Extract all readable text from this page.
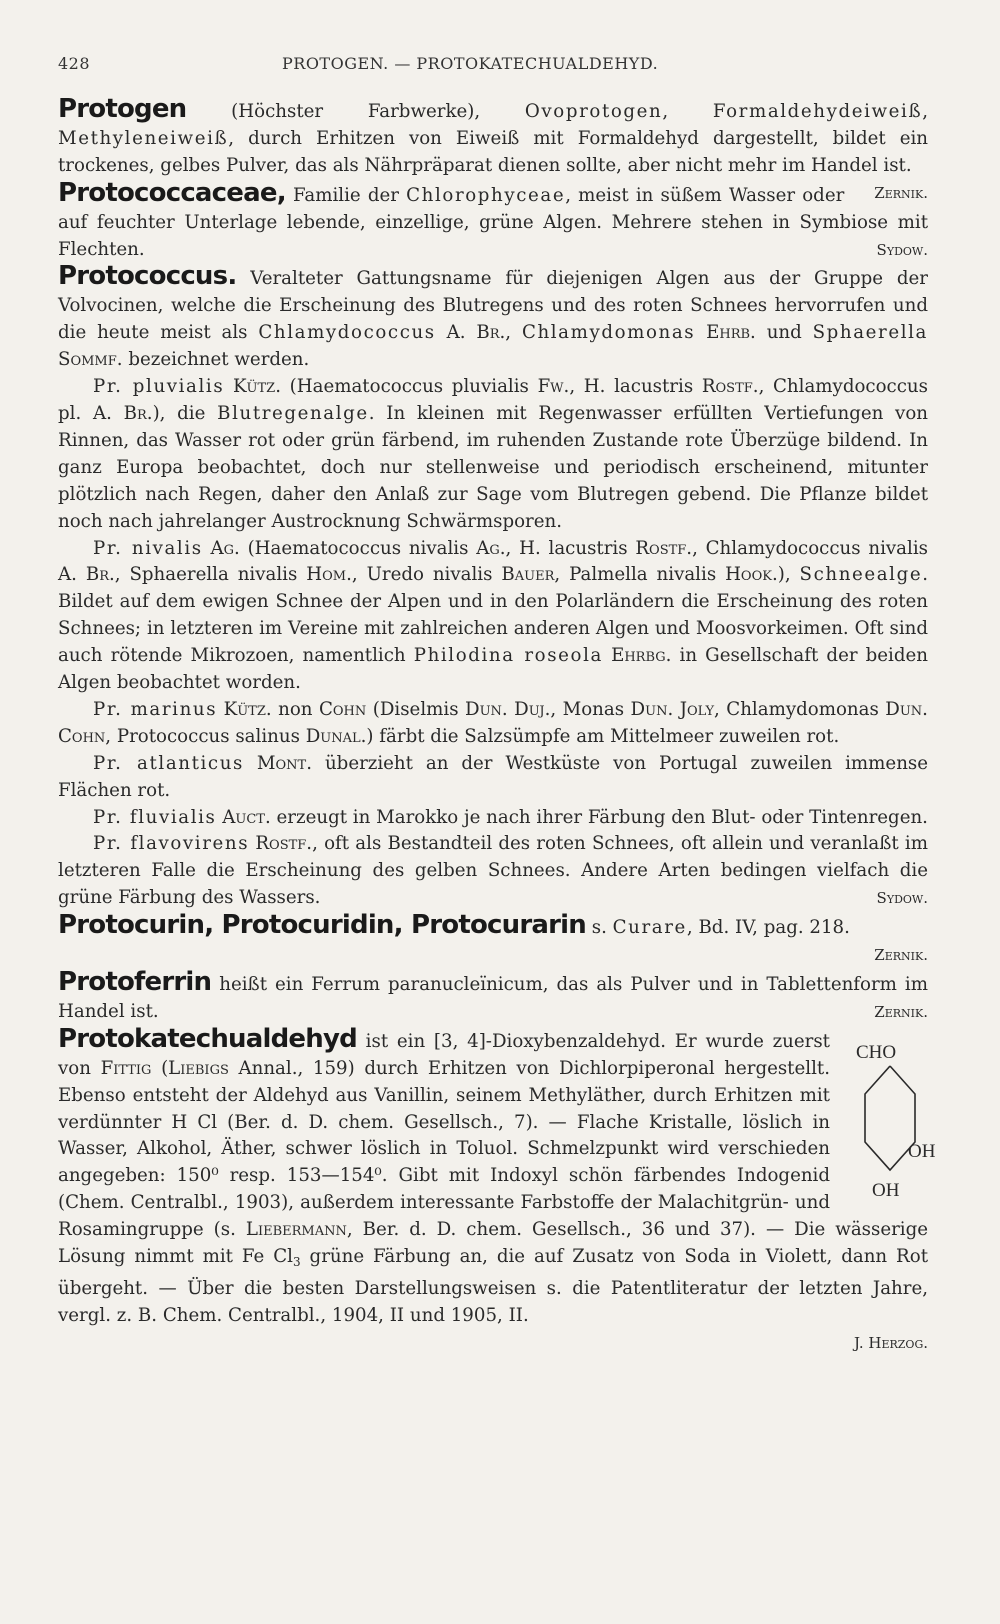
428	PROTOGEN. — PROTOKATECHUALDEHYD.

Protogen (Höchster Farbwerke), Ovoprotogen, Formaldehydeiweiß, Methyleneiweiß, durch Erhitzen von Eiweiß mit Formaldehyd dargestellt, bildet ein trockenes, gelbes Pulver, das als Nährpräparat dienen sollte, aber nicht mehr im Handel ist.
Zernik.

Protococcaceae, Familie der Chlorophyceae, meist in süßem Wasser oder auf feuchter Unterlage lebende, einzellige, grüne Algen. Mehrere stehen in Symbiose mit Flechten.	Sydow.

Protococcus. Veralteter Gattungsname für diejenigen Algen aus der Gruppe der Volvocinen, welche die Erscheinung des Blutregens und des roten Schnees hervorrufen und die heute meist als Chlamydococcus A. Br., Chlamydomonas Ehrb. und Sphaerella Sommf. bezeichnet werden.

Pr. pluvialis Kütz. (Haematococcus pluvialis Fw., H. lacustris Rostf., Chlamydococcus pl. A. Br.), die Blutregenalge. In kleinen mit Regenwasser erfüllten Vertiefungen von Rinnen, das Wasser rot oder grün färbend, im ruhenden Zustande rote Überzüge bildend. In ganz Europa beobachtet, doch nur stellenweise und periodisch erscheinend, mitunter plötzlich nach Regen, daher den Anlaß zur Sage vom Blutregen gebend. Die Pflanze bildet noch nach jahrelanger Austrocknung Schwärmsporen.

Pr. nivalis Ag. (Haematococcus nivalis Ag., H. lacustris Rostf., Chlamydococcus nivalis A. Br., Sphaerella nivalis Hom., Uredo nivalis Bauer, Palmella nivalis Hook.), Schneealge. Bildet auf dem ewigen Schnee der Alpen und in den Polarländern die Erscheinung des roten Schnees; in letzteren im Vereine mit zahlreichen anderen Algen und Moosvorkeimen. Oft sind auch rötende Mikrozoen, namentlich Philodina roseola Ehrbg. in Gesellschaft der beiden Algen beobachtet worden.

Pr. marinus Kütz. non Cohn (Diselmis Dun. Duj., Monas Dun. Joly, Chlamydomonas Dun. Cohn, Protococcus salinus Dunal.) färbt die Salzsümpfe am Mittelmeer zuweilen rot.

Pr. atlanticus Mont. überzieht an der Westküste von Portugal zuweilen immense Flächen rot.

Pr. fluvialis Auct. erzeugt in Marokko je nach ihrer Färbung den Blut- oder Tintenregen.

Pr. flavovirens Rostf., oft als Bestandteil des roten Schnees, oft allein und veranlaßt im letzteren Falle die Erscheinung des gelben Schnees. Andere Arten bedingen vielfach die grüne Färbung des Wassers.	Sydow.

Protocurin, Protocuridin, Protocurarin s. Curare, Bd. IV, pag. 218.

Zernik.

Protoferrin heißt ein Ferrum paranucleïnicum, das als Pulver und in Tablettenform im Handel ist.	Zernik.

CHO
OH
OH
Protokatechualdehyd ist ein [3, 4]-Dioxybenzaldehyd. Er wurde zuerst von Fittig (Liebigs Annal., 159) durch Erhitzen von Dichlorpiperonal hergestellt. Ebenso entsteht der Aldehyd aus Vanillin, seinem Methyläther, durch Erhitzen mit verdünnter H Cl (Ber. d. D. chem. Gesellsch., 7). — Flache Kristalle, löslich in Wasser, Alkohol, Äther, schwer löslich in Toluol. Schmelzpunkt wird verschieden angegeben: 150⁰ resp. 153—154⁰. Gibt mit Indoxyl schön färbendes Indogenid (Chem. Centralbl., 1903), außerdem interessante Farbstoffe der Malachitgrün- und Rosamingruppe (s. Liebermann, Ber. d. D. chem. Gesellsch., 36 und 37). — Die wässerige Lösung nimmt mit Fe $Cl_3$ grüne Färbung an, die auf Zusatz von Soda in Violett, dann Rot übergeht. — Über die besten Darstellungsweisen s. die Patentliteratur der letzten Jahre, vergl. z. B. Chem. Centralbl., 1904, II und 1905, II.

J. Herzog.
